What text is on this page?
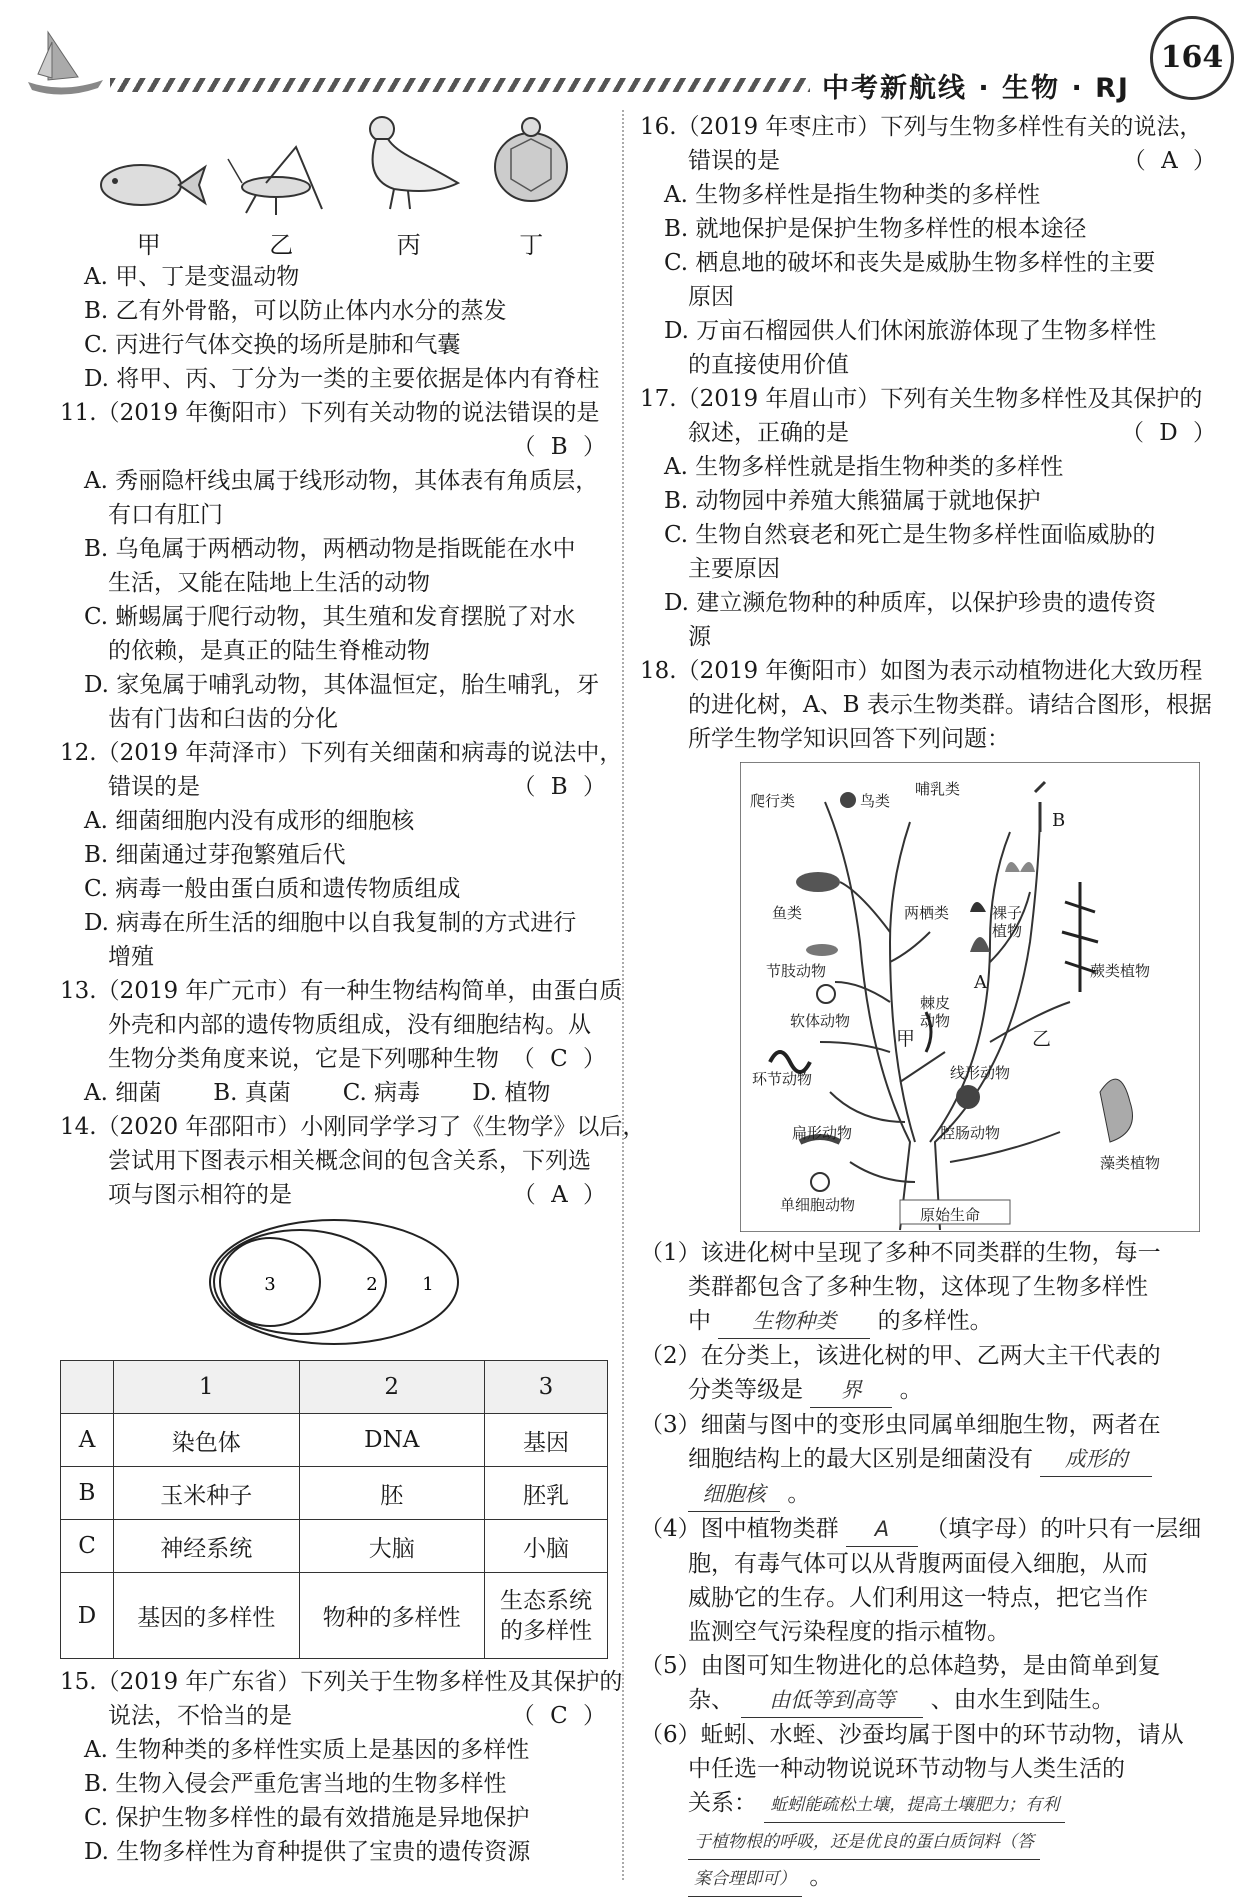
中考新航线 · 生物 · RJ
164
甲	乙	丙	丁
A. 甲、丁是变温动物
B. 乙有外骨骼，可以防止体内水分的蒸发
C. 丙进行气体交换的场所是肺和气囊
D. 将甲、丙、丁分为一类的主要依据是体内有脊柱
11.（2019 年衡阳市）下列有关动物的说法错误的是
（ B ）

A. 秀丽隐杆线虫属于线形动物，其体表有角质层，
有口有肛门
B. 乌龟属于两栖动物，两栖动物是指既能在水中
生活，又能在陆地上生活的动物
C. 蜥蜴属于爬行动物，其生殖和发育摆脱了对水
的依赖，是真正的陆生脊椎动物
D. 家兔属于哺乳动物，其体温恒定，胎生哺乳，牙
齿有门齿和臼齿的分化
12.（2019 年菏泽市）下列有关细菌和病毒的说法中，
错误的是	（ B ）
A. 细菌细胞内没有成形的细胞核
B. 细菌通过芽孢繁殖后代
C. 病毒一般由蛋白质和遗传物质组成
D. 病毒在所生活的细胞中以自我复制的方式进行
增殖
13.（2019 年广元市）有一种生物结构简单，由蛋白质
外壳和内部的遗传物质组成，没有细胞结构。从
生物分类角度来说，它是下列哪种生物 （ C ）
A. 细菌 B. 真菌 C. 病毒 D. 植物
14.（2020 年邵阳市）小刚同学学习了《生物学》以后，
尝试用下图表示相关概念间的包含关系，下列选
项与图示相符的是	（ A ）
3	2 1
	1	2	3
A	染色体	DNA	基因
B	玉米种子	胚	胚乳
C	神经系统	大脑	小脑
D	基因的多样性	物种的多样性	生态系统的多样性
15.（2019 年广东省）下列关于生物多样性及其保护的
说法，不恰当的是	（ C ）
A. 生物种类的多样性实质上是基因的多样性
B. 生物入侵会严重危害当地的生物多样性
C. 保护生物多样性的最有效措施是异地保护
D. 生物多样性为育种提供了宝贵的遗传资源
16.（2019 年枣庄市）下列与生物多样性有关的说法，
错误的是	（ A ）
A. 生物多样性是指生物种类的多样性
B. 就地保护是保护生物多样性的根本途径
C. 栖息地的破坏和丧失是威胁生物多样性的主要
原因
D. 万亩石榴园供人们休闲旅游体现了生物多样性
的直接使用价值
17.（2019 年眉山市）下列有关生物多样性及其保护的
叙述，正确的是	（ D ）
A. 生物多样性就是指生物种类的多样性
B. 动物园中养殖大熊猫属于就地保护
C. 生物自然衰老和死亡是生物多样性面临威胁的
主要原因
D. 建立濒危物种的种质库，以保护珍贵的遗传资
源
18.（2019 年衡阳市）如图为表示动植物进化大致历程
的进化树，A、B 表示生物类群。请结合图形，根据
所学生物学知识回答下列问题：
爬行类	鸟类
哺乳类
B
鱼类	两栖类	裸子
植物
节肢动物
软体动物
棘皮
动物
A
蕨类植物
甲	乙
环节动物	线形动物
扁形动物	腔肠动物
单细胞动物
藻类植物
原始生命
（1）该进化树中呈现了多种不同类群的生物，每一
类群都包含了多种生物，这体现了生物多样性
中 生物种类 的多样性。
（2）在分类上，该进化树的甲、乙两大主干代表的
分类等级是 界 。
（3）细菌与图中的变形虫同属单细胞生物，两者在
细胞结构上的最大区别是细菌没有 成形的
细胞核 。
（4）图中植物类群 A （填字母）的叶只有一层细
胞，有毒气体可以从背腹两面侵入细胞，从而
威胁它的生存。人们利用这一特点，把它当作
监测空气污染程度的指示植物。
（5）由图可知生物进化的总体趋势，是由简单到复
杂、 由低等到高等 、由水生到陆生。
（6）蚯蚓、水蛭、沙蚕均属于图中的环节动物，请从
中任选一种动物说说环节动物与人类生活的
关系： 蚯蚓能疏松土壤，提高土壤肥力；有利
于植物根的呼吸，还是优良的蛋白质饲料（答
案合理即可） 。
